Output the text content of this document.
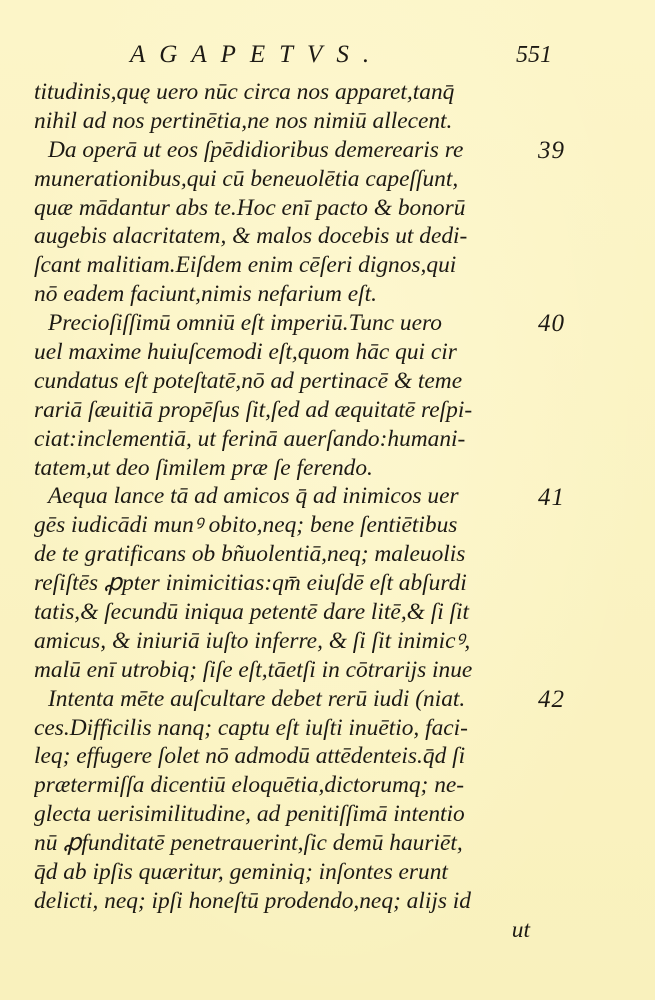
AGAPETVS.	551
titudinis,quę uero nūc circa nos apparet,tanq̄
nihil ad nos pertinētia,ne nos nimiū allecent.
Da operā ut eos ſpēdidioribus demerearis re
munerationibus,qui cū beneuolētia capeſſunt,
quæ mādantur abs te.Hoc enī pacto & bonorū
augebis alacritatem, & malos docebis ut dedi-
ſcant malitiam.Eiſdem enim cēſeri dignos,qui
nō eadem faciunt,nimis nefarium eſt.
Precioſiſſimū omniū eſt imperiū.Tunc uero
uel maxime huiuſcemodi eſt,quom hāc qui cir
cundatus eſt poteſtatē,nō ad pertinacē & teme
rariā ſæuitiā propēſus ſit,ſed ad æquitatē reſpi-
ciat:inclementiā, ut ferinā auerſando:humani-
tatem,ut deo ſimilem præ ſe ferendo.
Aequa lance tā ad amicos q̄ ad inimicos uer
gēs iudicādi munꝰ obito,neq; bene ſentiētibus
de te gratificans ob bñuolentiā,neq; maleuolis
reſiſtēs ꝓpter inimicitias:qm̄ eiuſdē eſt abſurdi
tatis,& ſecundū iniqua petentē dare litē,& ſi ſit
amicus, & iniuriā iuſto inferre, & ſi ſit inimicꝰ,
malū enī utrobiq; ſiſe eſt,tāetſi in cōtrarijs inue
Intenta mēte auſcultare debet rerū iudi (niat.
ces.Difficilis nanq; captu eſt iuſti inuētio, faci-
leq; effugere ſolet nō admodū attēdenteis.q̄d ſi
prætermiſſa dicentiū eloquētia,dictorumq; ne-
glecta uerisimilitudine, ad penitiſſimā intentio
nū ꝓfunditatē penetrauerint,ſic demū hauriēt,
q̄d ab ipſis quæritur, geminiq; inſontes erunt
delicti, neq; ipſi honeſtū prodendo,neq; alijs id
ut
39
40
41
42
